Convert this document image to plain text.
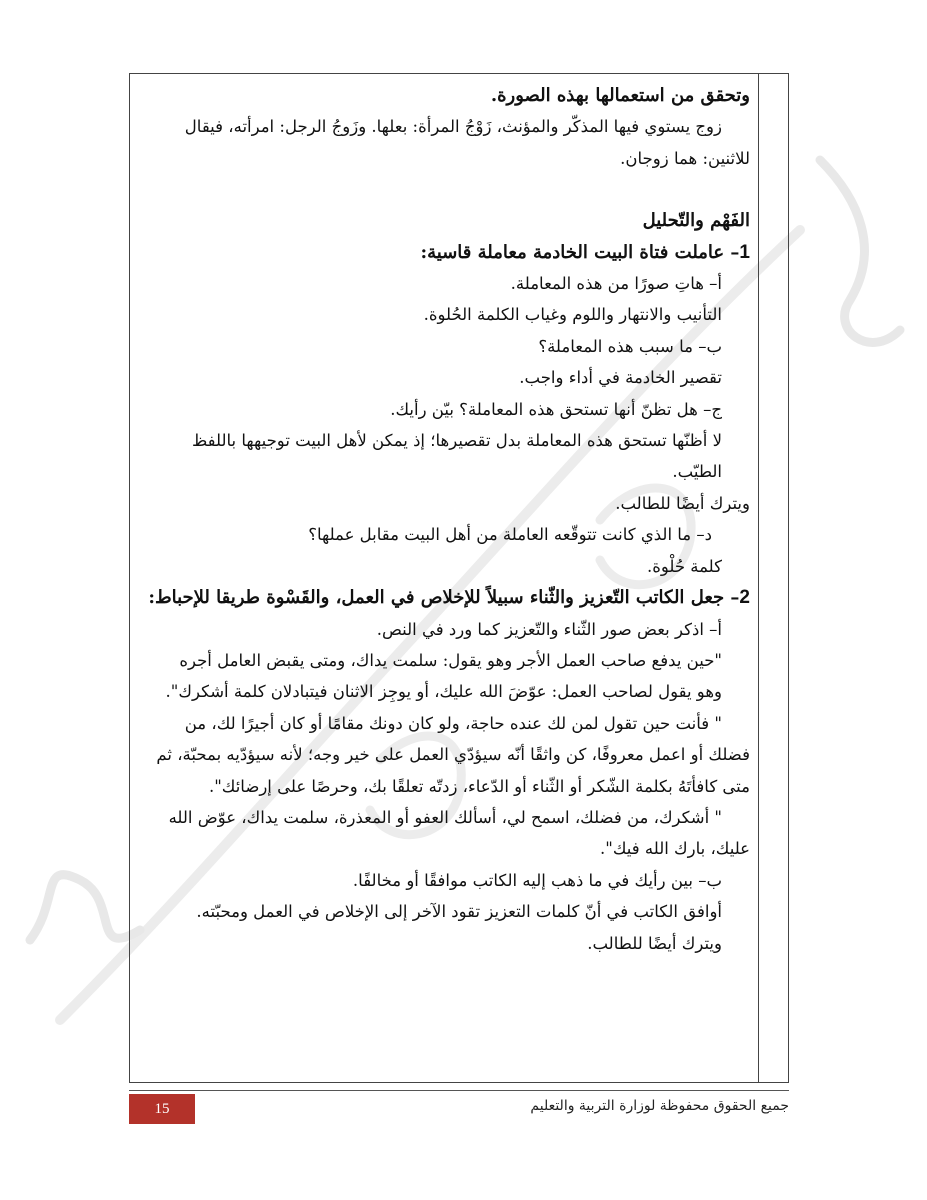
وتحقق من استعمالها بهذه الصورة.

زوج يستوي فيها المذكّر والمؤنث، زَوْجُ المرأة: بعلها. وزَوجُ الرجل: امرأته، فيقال

للاثنين: هما زوجان.

الفَهْم والتّحليل

1– عاملت فتاة البيت الخادمة معاملة قاسية:

أ– هاتِ صورًا من هذه المعاملة.

التأنيب والانتهار واللوم وغياب الكلمة الحُلوة.

ب– ما سبب هذه المعاملة؟

تقصير الخادمة في أداء واجب.

ج– هل تظنّ أنها تستحق هذه المعاملة؟ بيّن رأيك.

لا أظنّها تستحق هذه المعاملة بدل تقصيرها؛ إذ يمكن لأهل البيت توجيهها باللفظ الطيّب.

ويترك أيضًا للطالب.

د– ما الذي كانت تتوقّعه العاملة من أهل البيت مقابل عملها؟

كلمة حُلْوة.

2– جعل الكاتب التّعزيز والثّناء سبيلاً للإخلاص في العمل، والقَسْوة طريقا للإحباط:

أ– اذكر بعض صور الثّناء والتّعزيز كما ورد في النص.

"حين يدفع صاحب العمل الأجر وهو يقول: سلمت يداك، ومتى يقبض العامل أجره

وهو يقول لصاحب العمل: عوّضَ الله عليك، أو يوجِز الاثنان فيتبادلان كلمة أشكرك".

" فأنت حين تقول لمن لك عنده حاجة، ولو كان دونك مقامًا أو كان أجيرًا لك، من

فضلك أو اعمل معروفًا، كن واثقًا أنّه سيؤدّي العمل على خير وجه؛ لأنه سيؤدّيه بمحبّة، ثم

متى كافأتَهُ بكلمة الشّكر أو الثّناء أو الدّعاء، زدتّه تعلقًا بك، وحرصًا على إرضائك".

" أشكرك، من فضلك، اسمح لي، أسألك العفو أو المعذرة، سلمت يداك، عوّض الله

عليك، بارك الله فيك".

ب– بين رأيك في ما ذهب إليه الكاتب موافقًا أو مخالفًا.

أوافق الكاتب في أنّ كلمات التعزيز تقود الآخر إلى الإخلاص في العمل ومحبّته.

ويترك أيضًا للطالب.

15	جميع الحقوق محفوظة لوزارة التربية والتعليم
